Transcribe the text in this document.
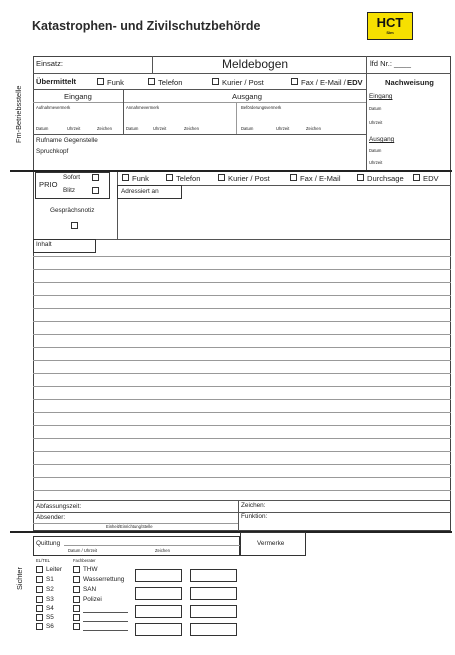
Katastrophen- und Zivilschutzbehörde	HCT
Sim
Fm-Betriebsstelle
Sichter
Einsatz:	Meldebogen	lfd Nr.: ____
Übermittelt	Funk	Telefon	Kurier / Post	Fax / E-Mail / EDV	Nachweisung
Eingang	Ausgang
Aufnahmevermerk	Annahmevermerk	Beförderungsvermerk
Datum	Uhrzeit	Zeichen	Datum	Uhrzeit	Zeichen	Datum	Uhrzeit	Zeichen
Rufname Gegenstelle
Spruchkopf
Eingang
Datum
Uhrzeit
Ausgang
Datum
Uhrzeit
PRIO
Sofort
Blitz
Funk	Telefon	Kurier / Post	Fax / E-Mail	Durchsage	EDV
Adressiert an
Gesprächsnotiz
Inhalt
Abfassungszeit:	Zeichen:
Absender:	Funktion:
Einheit/Einrichtung/Stelle
Quittung
Datum / Uhrzeit	Zeichen
Vermerke
EL/TEL	Fachberater
Leiter
S1
S2
S3
S4
S5
S6
THW
Wasserrettung
SAN
Polizei
